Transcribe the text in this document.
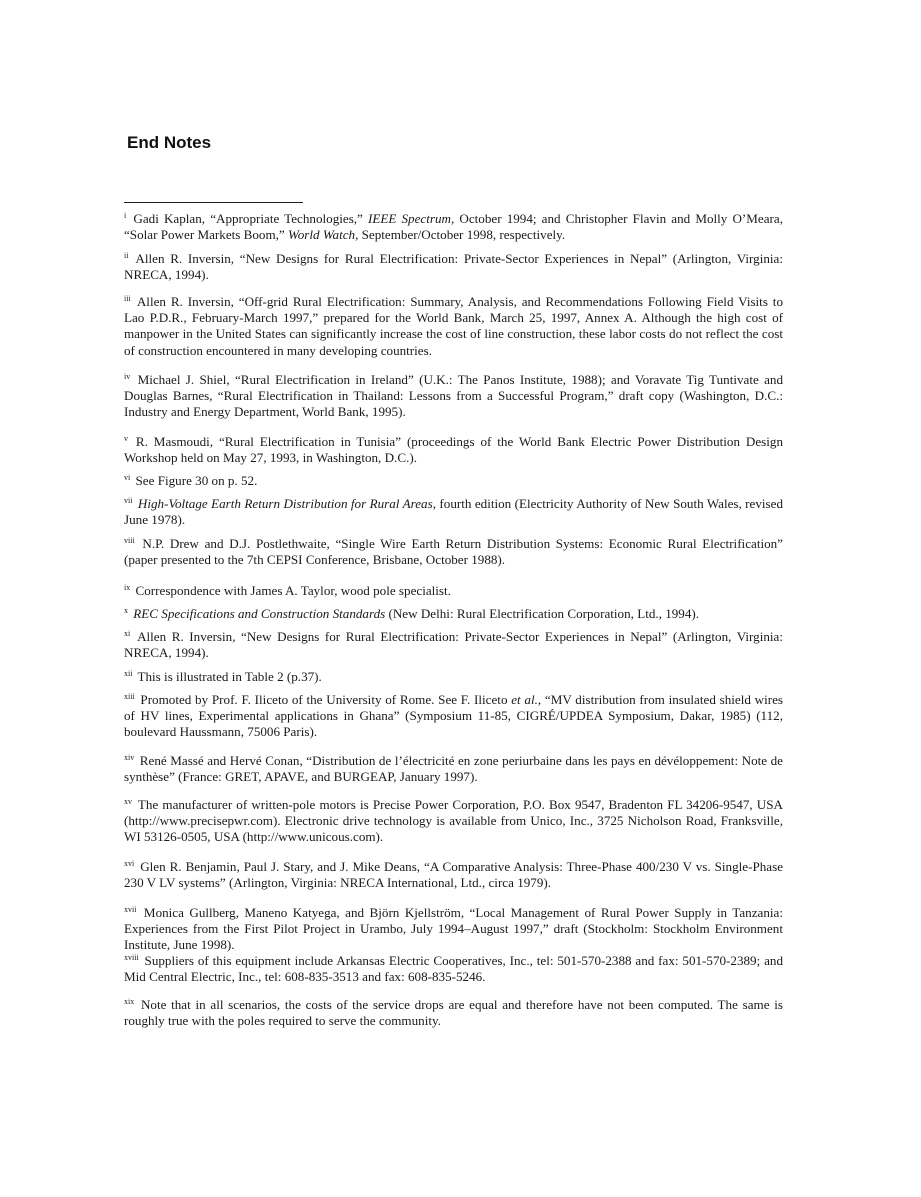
End Notes

$^i$ Gadi Kaplan, “Appropriate Technologies,” IEEE Spectrum, October 1994; and Christopher Flavin and Molly O’Meara, “Solar Power Markets Boom,” World Watch, September/October 1998, respectively.

$^{ii}$ Allen R. Inversin, “New Designs for Rural Electrification: Private-Sector Experiences in Nepal” (Arlington, Virginia: NRECA, 1994).

$^{iii}$ Allen R. Inversin, “Off-grid Rural Electrification: Summary, Analysis, and Recommendations Following Field Visits to Lao P.D.R., February-March 1997,” prepared for the World Bank, March 25, 1997, Annex A. Although the high cost of manpower in the United States can significantly increase the cost of line construction, these labor costs do not reflect the cost of construction encountered in many developing countries.

$^{iv}$ Michael J. Shiel, “Rural Electrification in Ireland” (U.K.: The Panos Institute, 1988); and Voravate Tig Tuntivate and Douglas Barnes, “Rural Electrification in Thailand: Lessons from a Successful Program,” draft copy (Washington, D.C.: Industry and Energy Department, World Bank, 1995).

$^v$ R. Masmoudi, “Rural Electrification in Tunisia” (proceedings of the World Bank Electric Power Distribution Design Workshop held on May 27, 1993, in Washington, D.C.).

$^{vi}$ See Figure 30 on p. 52.

$^{vii}$ High-Voltage Earth Return Distribution for Rural Areas, fourth edition (Electricity Authority of New South Wales, revised June 1978).

$^{viii}$ N.P. Drew and D.J. Postlethwaite, “Single Wire Earth Return Distribution Systems: Economic Rural Electrification” (paper presented to the 7th CEPSI Conference, Brisbane, October 1988).

$^{ix}$ Correspondence with James A. Taylor, wood pole specialist.

$^x$ REC Specifications and Construction Standards (New Delhi: Rural Electrification Corporation, Ltd., 1994).

$^{xi}$ Allen R. Inversin, “New Designs for Rural Electrification: Private-Sector Experiences in Nepal” (Arlington, Virginia: NRECA, 1994).

$^{xii}$ This is illustrated in Table 2 (p.37).

$^{xiii}$ Promoted by Prof. F. Iliceto of the University of Rome. See F. Iliceto et al., “MV distribution from insulated shield wires of HV lines, Experimental applications in Ghana” (Symposium 11-85, CIGRÉ/UPDEA Symposium, Dakar, 1985) (112, boulevard Haussmann, 75006 Paris).

$^{xiv}$ René Massé and Hervé Conan, “Distribution de l’électricité en zone periurbaine dans les pays en dévéloppement: Note de synthèse” (France: GRET, APAVE, and BURGEAP, January 1997).

$^{xv}$ The manufacturer of written-pole motors is Precise Power Corporation, P.O. Box 9547, Bradenton FL 34206-9547, USA (http://www.precisepwr.com). Electronic drive technology is available from Unico, Inc., 3725 Nicholson Road, Franksville, WI 53126-0505, USA (http://www.unicous.com).

$^{xvi}$ Glen R. Benjamin, Paul J. Stary, and J. Mike Deans, “A Comparative Analysis: Three-Phase 400/230 V vs. Single-Phase 230 V LV systems” (Arlington, Virginia: NRECA International, Ltd., circa 1979).

$^{xvii}$ Monica Gullberg, Maneno Katyega, and Björn Kjellström, “Local Management of Rural Power Supply in Tanzania: Experiences from the First Pilot Project in Urambo, July 1994–August 1997,” draft (Stockholm: Stockholm Environment Institute, June 1998).

$^{xviii}$ Suppliers of this equipment include Arkansas Electric Cooperatives, Inc., tel: 501-570-2388 and fax: 501-570-2389; and Mid Central Electric, Inc., tel: 608-835-3513 and fax: 608-835-5246.

$^{xix}$ Note that in all scenarios, the costs of the service drops are equal and therefore have not been computed. The same is roughly true with the poles required to serve the community.
